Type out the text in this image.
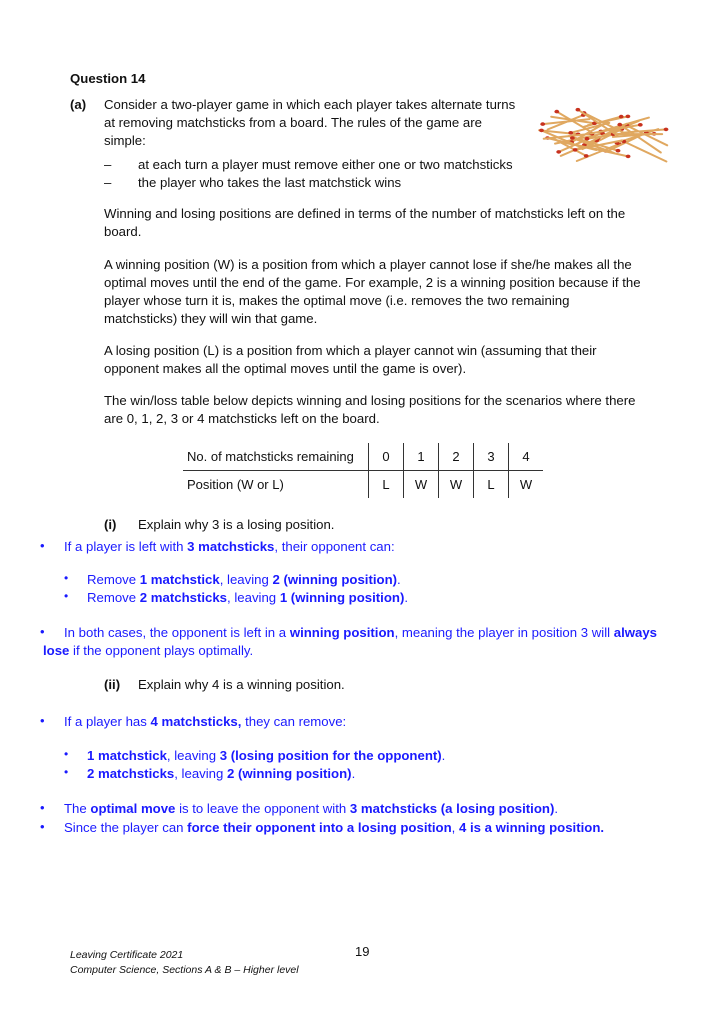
Question 14
(a) Consider a two-player game in which each player takes alternate turns

at removing matchsticks from a board. The rules of the game are

simple:

– at each turn a player must remove either one or two matchsticks
– the player who takes the last matchstick wins

Winning and losing positions are defined in terms of the number of matchsticks left on the

board.

A winning position (W) is a position from which a player cannot lose if she/he makes all the

optimal moves until the end of the game. For example, 2 is a winning position because if the

player whose turn it is, makes the optimal move (i.e. removes the two remaining

matchsticks) they will win that game.

A losing position (L) is a position from which a player cannot win (assuming that their

opponent makes all the optimal moves until the game is over).

The win/loss table below depicts winning and losing positions for the scenarios where there

are 0, 1, 2, 3 or 4 matchsticks left on the board.

No. of matchsticks remaining	0	1	2	3	4
Position (W or L)	L	W	W	L	W
(i) Explain why 3 is a losing position.
• If a player is left with 3 matchsticks, their opponent can:

• Remove 1 matchstick, leaving 2 (winning position).

• Remove 2 matchsticks, leaving 1 (winning position).

• In both cases, the opponent is left in a winning position, meaning the player in position 3 will always

lose if the opponent plays optimally.

(ii) Explain why 4 is a winning position.
• If a player has 4 matchsticks, they can remove:

• 1 matchstick, leaving 3 (losing position for the opponent).

• 2 matchsticks, leaving 2 (winning position).

• The optimal move is to leave the opponent with 3 matchsticks (a losing position).

• Since the player can force their opponent into a losing position, 4 is a winning position.

Leaving Certificate 2021
Computer Science, Sections A & B – Higher level
19
